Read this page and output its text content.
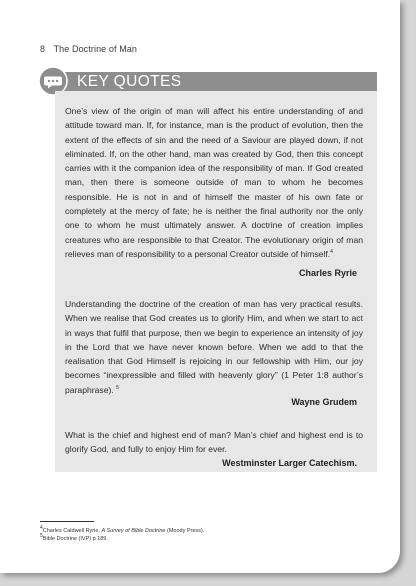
8 The Doctrine of Man
KEY QUOTES

One’s view of the origin of man will affect his entire understanding of and attitude toward man. If, for instance, man is the product of evolution, then the extent of the effects of sin and the need of a Saviour are played down, if not eliminated. If, on the other hand, man was created by God, then this concept carries with it the companion idea of the responsibility of man. If God created man, then there is someone outside of man to whom he becomes responsible. He is not in and of himself the master of his own fate or completely at the mercy of fate; he is neither the final authority nor the only one to whom he must ultimately answer. A doctrine of creation implies creatures who are responsible to that Creator. The evolutionary origin of man relieves man of responsibility to a personal Creator outside of himself.$^4$

Charles Ryrie

Understanding the doctrine of the creation of man has very practical results. When we realise that God creates us to glorify Him, and when we start to act in ways that fulfil that purpose, then we begin to experience an intensity of joy in the Lord that we have never known before. When we add to that the realisation that God Himself is rejoicing in our fellowship with Him, our joy becomes “inexpressible and filled with heavenly glory” (1 Peter 1:8 author’s paraphrase). $^5$

Wayne Grudem

What is the chief and highest end of man? Man’s chief and highest end is to glorify God, and fully to enjoy Him for ever.

Westminster Larger Catechism.
4Charles Caldwell Ryrie, A Survey of Bible Doctrine (Moody Press).
5Bible Doctrine (IVP) p 189.
